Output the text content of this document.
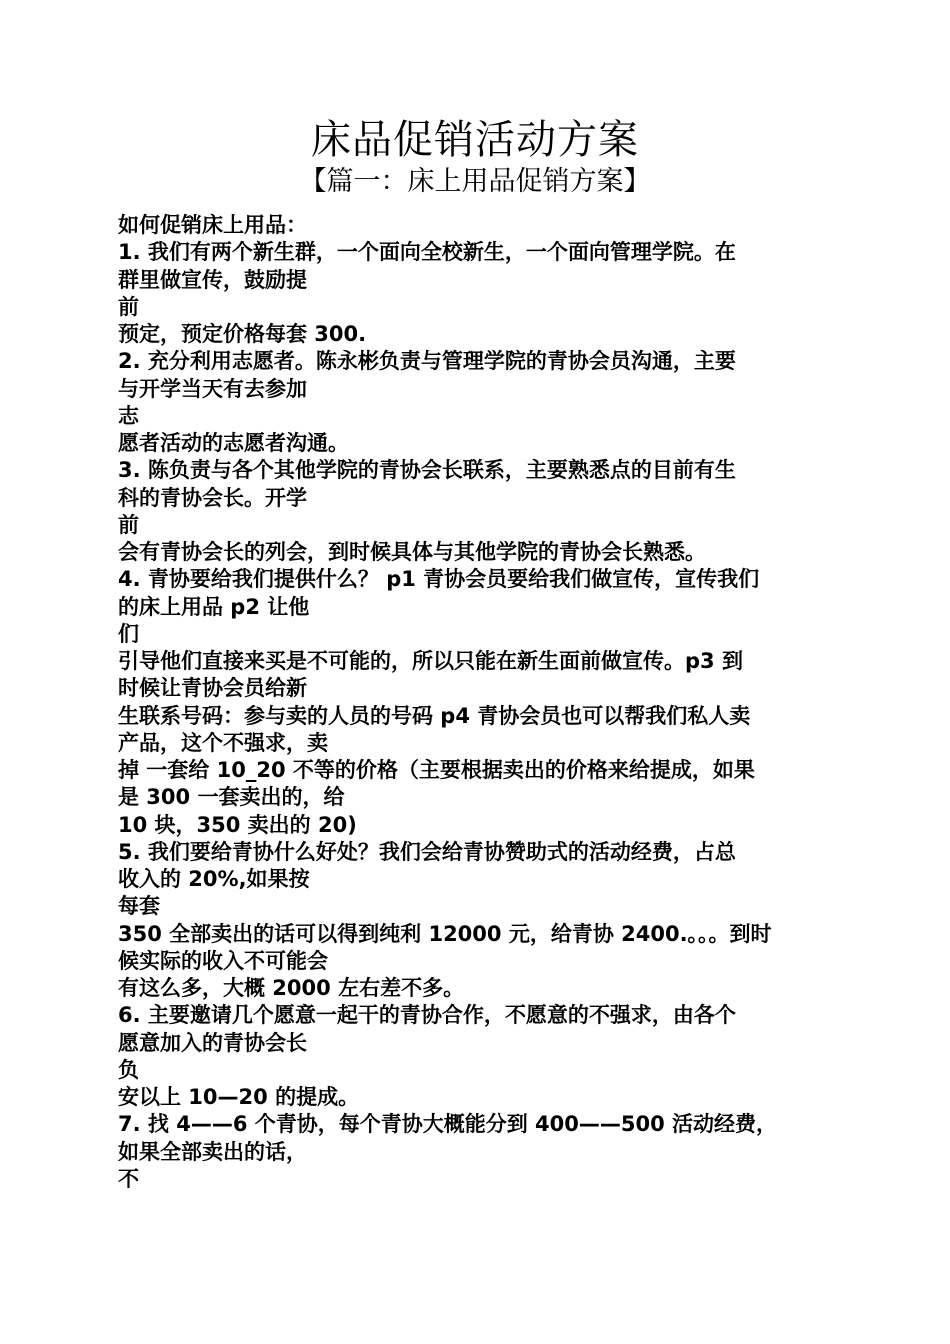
床品促销活动方案
【篇一：床上用品促销方案】
如何促销床上用品：
1. 我们有两个新生群，一个面向全校新生，一个面向管理学院。在
群里做宣传，鼓励提
前
预定，预定价格每套 300.
2. 充分利用志愿者。陈永彬负责与管理学院的青协会员沟通，主要
与开学当天有去参加
志
愿者活动的志愿者沟通。
3. 陈负责与各个其他学院的青协会长联系，主要熟悉点的目前有生
科的青协会长。开学
前
会有青协会长的列会，到时候具体与其他学院的青协会长熟悉。
4. 青协要给我们提供什么？ p1 青协会员要给我们做宣传，宣传我们
的床上用品 p2 让他
们
引导他们直接来买是不可能的，所以只能在新生面前做宣传。p3 到
时候让青协会员给新
生联系号码：参与卖的人员的号码 p4 青协会员也可以帮我们私人卖
产品，这个不强求，卖
掉 一套给 10_20 不等的价格（主要根据卖出的价格来给提成，如果
是 300 一套卖出的，给
10 块，350 卖出的 20)
5. 我们要给青协什么好处？我们会给青协赞助式的活动经费，占总
收入的 20%,如果按
每套
350 全部卖出的话可以得到纯利 12000 元，给青协 2400.。。。到时
候实际的收入不可能会
有这么多，大概 2000 左右差不多。
6. 主要邀请几个愿意一起干的青协合作，不愿意的不强求，由各个
愿意加入的青协会长
负
安以上 10—20 的提成。
7. 找 4——6 个青协，每个青协大概能分到 400——500 活动经费，
如果全部卖出的话，
不
